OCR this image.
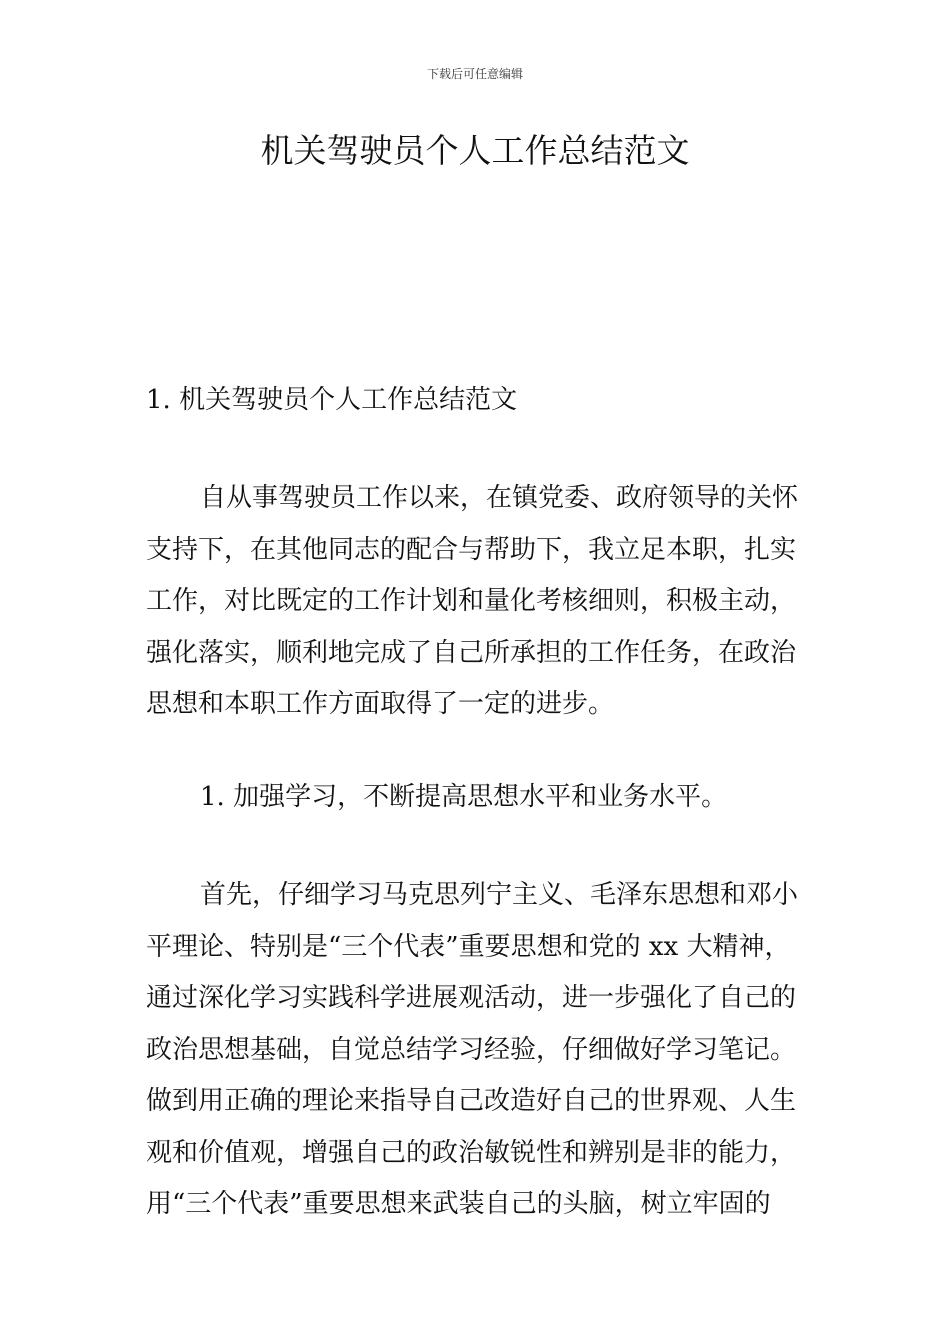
下载后可任意编辑
机关驾驶员个人工作总结范文

1. 机关驾驶员个人工作总结范文

自从事驾驶员工作以来，在镇党委、政府领导的关怀
支持下，在其他同志的配合与帮助下，我立足本职，扎实
工作，对比既定的工作计划和量化考核细则，积极主动，
强化落实，顺利地完成了自己所承担的工作任务，在政治
思想和本职工作方面取得了一定的进步。

1. 加强学习，不断提高思想水平和业务水平。

首先，仔细学习马克思列宁主义、毛泽东思想和邓小
平理论、特别是“三个代表”重要思想和党的 xx 大精神，
通过深化学习实践科学进展观活动，进一步强化了自己的
政治思想基础，自觉总结学习经验，仔细做好学习笔记。
做到用正确的理论来指导自己改造好自己的世界观、人生
观和价值观，增强自己的政治敏锐性和辨别是非的能力，
用“三个代表”重要思想来武装自己的头脑，树立牢固的
